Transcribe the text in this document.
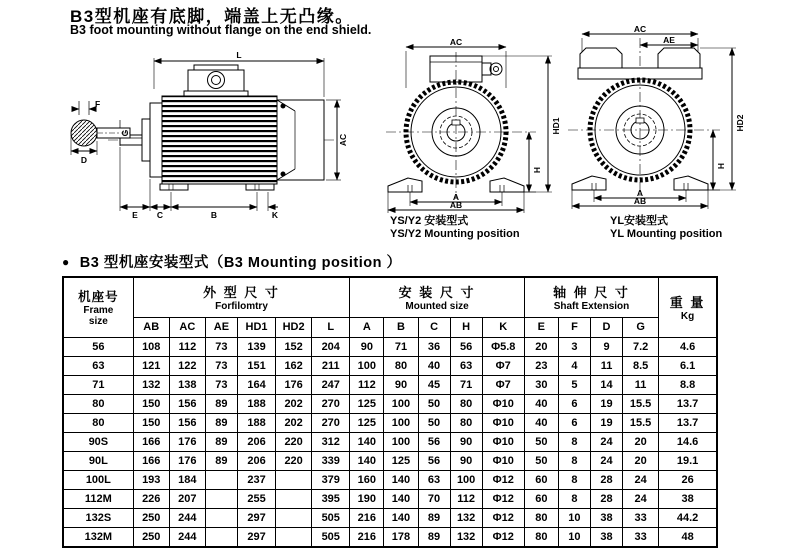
B3型机座有底脚，端盖上无凸缘。
B3 foot mounting without flange on the end shield.
L
AC
E C	B	K
F
G
D
AC
HD1
H
A
AB
YS/Y2 安装型式
YS/Y2 Mounting position
AC
AE
HD2
H
A
AB
YL安装型式
YL Mounting position
● B3 型机座安装型式（B3 Mounting position ）
机座号
Frame
size

外 型 尺 寸
Forfilomtry

安 装 尺 寸
Mounted size

轴 伸 尺 寸
Shaft Extension	重 量
Kg

	AB	AC	AE	HD1	HD2	L	A	B	C	H	K	E	F	D	G	
56	108	112	73	139	152	204	90	71	36	56	Φ5.8	20	3	9	7.2	4.6
63	121	122	73	151	162	211	100	80	40	63	Φ7	23	4	11	8.5	6.1
71	132	138	73	164	176	247	112	90	45	71	Φ7	30	5	14	11	8.8
80	150	156	89	188	202	270	125	100	50	80	Φ10	40	6	19	15.5	13.7
80	150	156	89	188	202	270	125	100	50	80	Φ10	40	6	19	15.5	13.7
90S	166	176	89	206	220	312	140	100	56	90	Φ10	50	8	24	20	14.6
90L	166	176	89	206	220	339	140	125	56	90	Φ10	50	8	24	20	19.1
100L	193	184		237		379	160	140	63	100	Φ12	60	8	28	24	26
112M	226	207		255		395	190	140	70	112	Φ12	60	8	28	24	38
132S	250	244		297		505	216	140	89	132	Φ12	80	10	38	33	44.2
132M	250	244		297		505	216	178	89	132	Φ12	80	10	38	33	48
